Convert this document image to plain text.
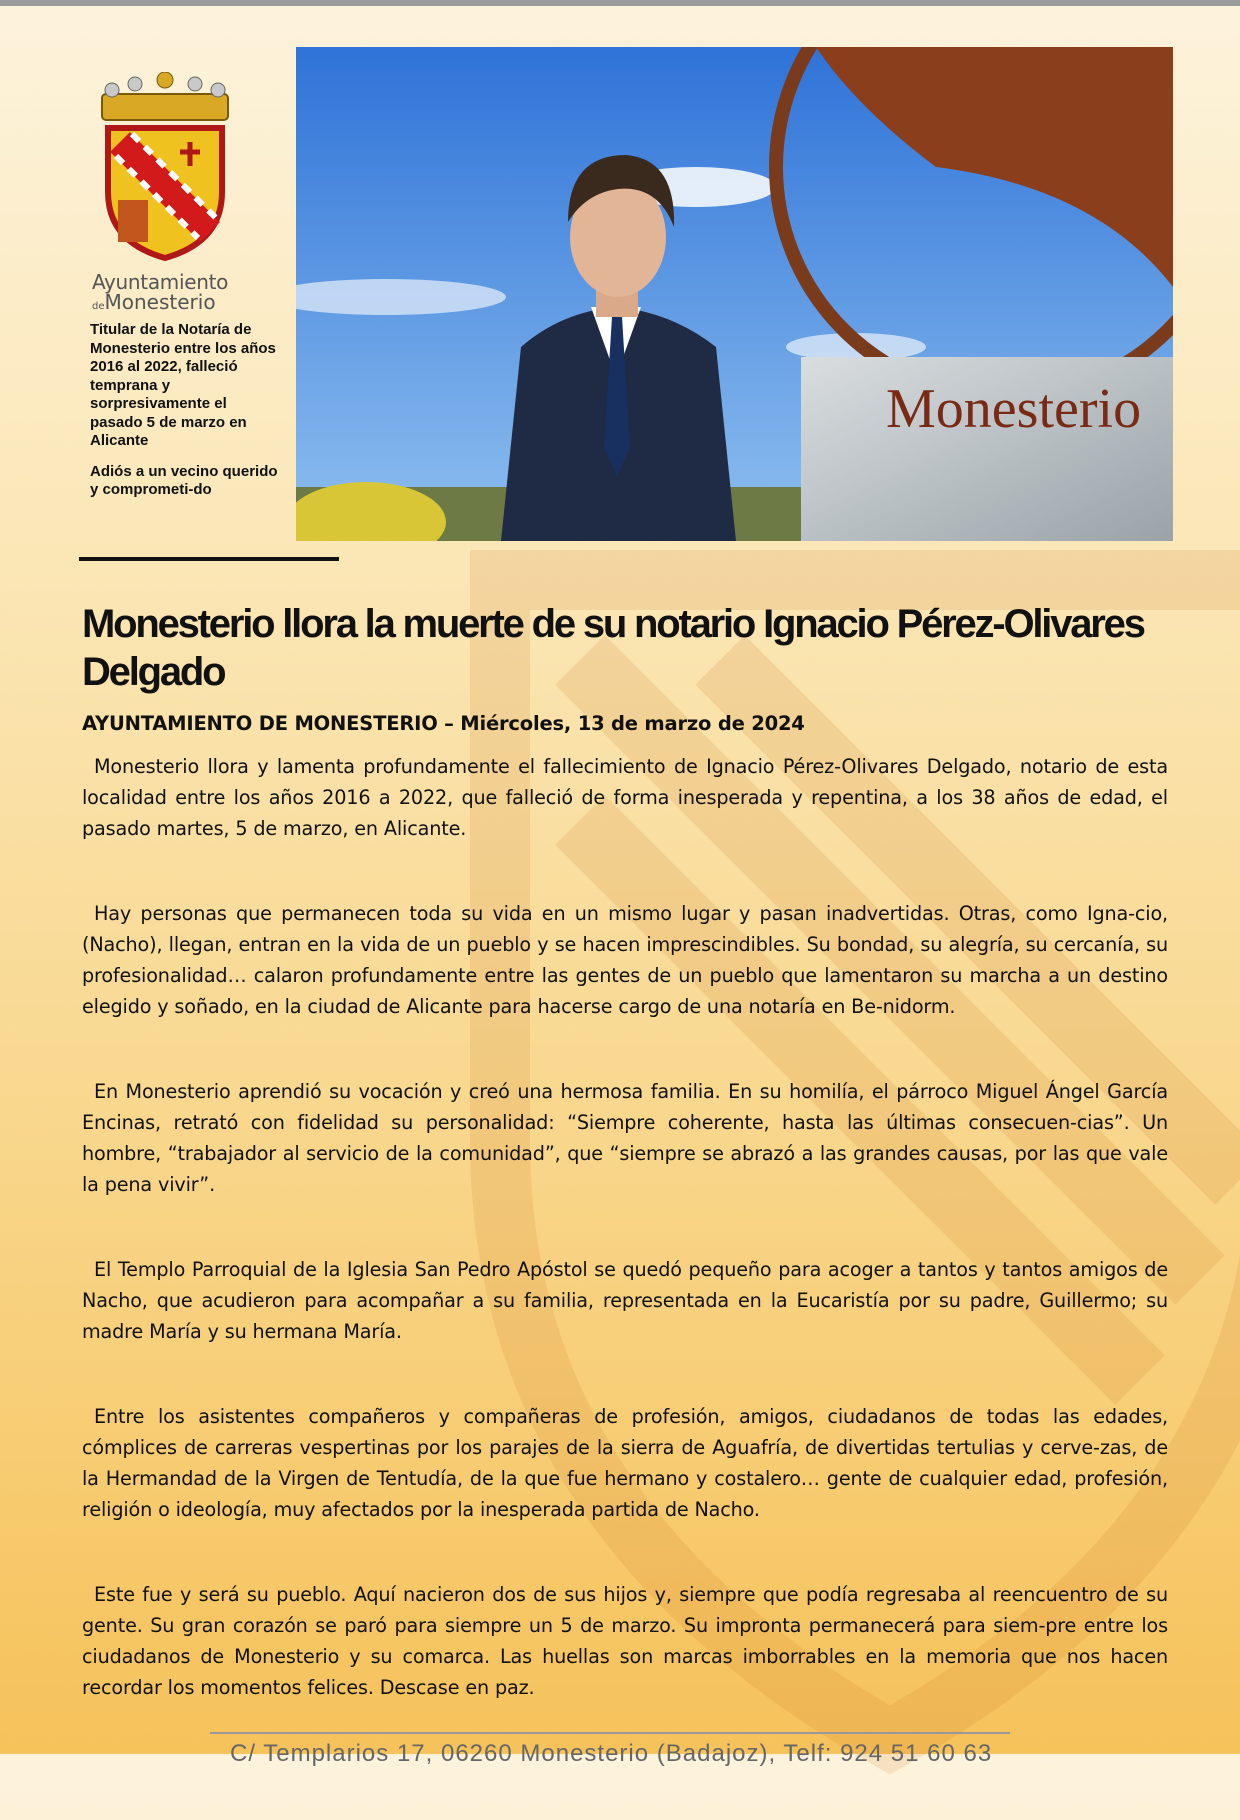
Ayuntamiento
deMonesterio

Titular de la Notaría de Monesterio entre los años 2016 al 2022, falleció temprana y sorpresivamente el pasado 5 de marzo en Alicante

Adiós a un vecino querido y comprometi-do

Monesterio
Monesterio llora la muerte de su notario Ignacio Pérez-Olivares Delgado
AYUNTAMIENTO DE MONESTERIO – Miércoles, 13 de marzo de 2024

Monesterio llora y lamenta profundamente el fallecimiento de Ignacio Pérez-Olivares Delgado, notario de esta localidad entre los años 2016 a 2022, que falleció de forma inesperada y repentina, a los 38 años de edad, el pasado martes, 5 de marzo, en Alicante.

Hay personas que permanecen toda su vida en un mismo lugar y pasan inadvertidas. Otras, como Igna-cio, (Nacho), llegan, entran en la vida de un pueblo y se hacen imprescindibles. Su bondad, su alegría, su cercanía, su profesionalidad… calaron profundamente entre las gentes de un pueblo que lamentaron su marcha a un destino elegido y soñado, en la ciudad de Alicante para hacerse cargo de una notaría en Be-nidorm.

En Monesterio aprendió su vocación y creó una hermosa familia. En su homilía, el párroco Miguel Ángel García Encinas, retrató con fidelidad su personalidad: “Siempre coherente, hasta las últimas consecuen-cias”. Un hombre, “trabajador al servicio de la comunidad”, que “siempre se abrazó a las grandes causas, por las que vale la pena vivir”.

El Templo Parroquial de la Iglesia San Pedro Apóstol se quedó pequeño para acoger a tantos y tantos amigos de Nacho, que acudieron para acompañar a su familia, representada en la Eucaristía por su padre, Guillermo; su madre María y su hermana María.

Entre los asistentes compañeros y compañeras de profesión, amigos, ciudadanos de todas las edades, cómplices de carreras vespertinas por los parajes de la sierra de Aguafría, de divertidas tertulias y cerve-zas, de la Hermandad de la Virgen de Tentudía, de la que fue hermano y costalero… gente de cualquier edad, profesión, religión o ideología, muy afectados por la inesperada partida de Nacho.

Este fue y será su pueblo. Aquí nacieron dos de sus hijos y, siempre que podía regresaba al reencuentro de su gente. Su gran corazón se paró para siempre un 5 de marzo. Su impronta permanecerá para siem-pre entre los ciudadanos de Monesterio y su comarca. Las huellas son marcas imborrables en la memoria que nos hacen recordar los momentos felices. Descase en paz.

C/ Templarios 17, 06260 Monesterio (Badajoz), Telf: 924 51 60 63
